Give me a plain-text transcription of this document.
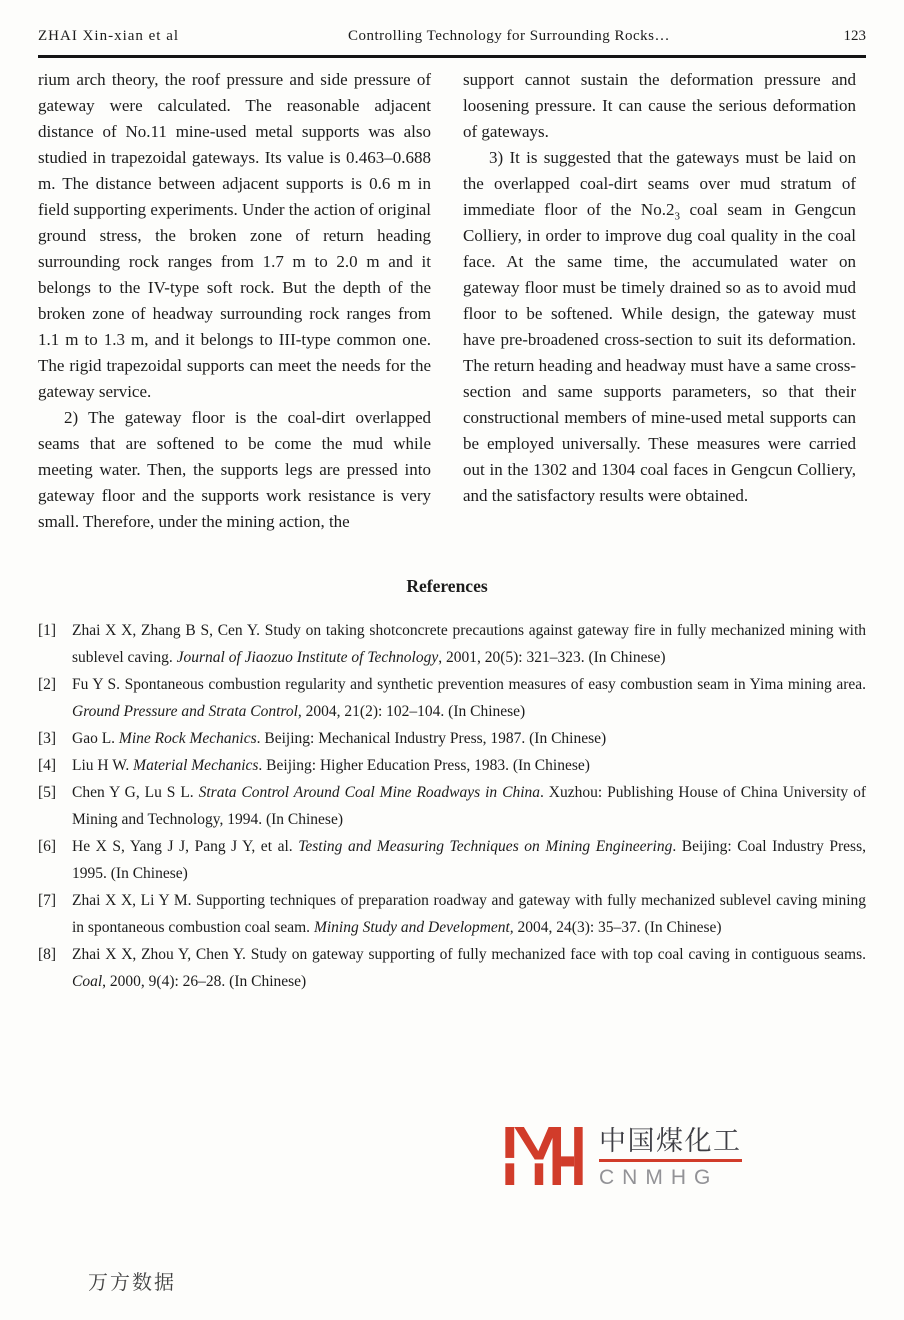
ZHAI Xin-xian et al	Controlling Technology for Surrounding Rocks…	123

rium arch theory, the roof pressure and side pressure of gateway were calculated. The reasonable adjacent distance of No.11 mine-used metal supports was also studied in trapezoidal gateways. Its value is 0.463–0.688 m. The distance between adjacent supports is 0.6 m in field supporting experiments. Under the action of original ground stress, the broken zone of return heading surrounding rock ranges from 1.7 m to 2.0 m and it belongs to the IV-type soft rock. But the depth of the broken zone of headway surrounding rock ranges from 1.1 m to 1.3 m, and it belongs to III-type common one. The rigid trapezoidal supports can meet the needs for the gateway service.

2) The gateway floor is the coal-dirt overlapped seams that are softened to be come the mud while meeting water. Then, the supports legs are pressed into gateway floor and the supports work resistance is very small. Therefore, under the mining action, the

support cannot sustain the deformation pressure and loosening pressure. It can cause the serious deformation of gateways.

3) It is suggested that the gateways must be laid on the overlapped coal-dirt seams over mud stratum of immediate floor of the $No.2_3$ coal seam in Gengcun Colliery, in order to improve dug coal quality in the coal face. At the same time, the accumulated water on gateway floor must be timely drained so as to avoid mud floor to be softened. While design, the gateway must have pre-broadened cross-section to suit its deformation. The return heading and headway must have a same cross-section and same supports parameters, so that their constructional members of mine-used metal supports can be employed universally. These measures were carried out in the 1302 and 1304 coal faces in Gengcun Colliery, and the satisfactory results were obtained.

References
[1]	Zhai X X, Zhang B S, Cen Y. Study on taking shotconcrete precautions against gateway fire in fully mechanized mining with sublevel caving. Journal of Jiaozuo Institute of Technology, 2001, 20(5): 321–323. (In Chinese)
[2]	Fu Y S. Spontaneous combustion regularity and synthetic prevention measures of easy combustion seam in Yima mining area. Ground Pressure and Strata Control, 2004, 21(2): 102–104. (In Chinese)
[3]	Gao L. Mine Rock Mechanics. Beijing: Mechanical Industry Press, 1987. (In Chinese)
[4]	Liu H W. Material Mechanics. Beijing: Higher Education Press, 1983. (In Chinese)
[5]	Chen Y G, Lu S L. Strata Control Around Coal Mine Roadways in China. Xuzhou: Publishing House of China University of Mining and Technology, 1994. (In Chinese)
[6]	He X S, Yang J J, Pang J Y, et al. Testing and Measuring Techniques on Mining Engineering. Beijing: Coal Industry Press, 1995. (In Chinese)
[7]	Zhai X X, Li Y M. Supporting techniques of preparation roadway and gateway with fully mechanized sublevel caving mining in spontaneous combustion coal seam. Mining Study and Development, 2004, 24(3): 35–37. (In Chinese)
[8]	Zhai X X, Zhou Y, Chen Y. Study on gateway supporting of fully mechanized face with top coal caving in contiguous seams. Coal, 2000, 9(4): 26–28. (In Chinese)
中国煤化工
CNMHG
万方数据
